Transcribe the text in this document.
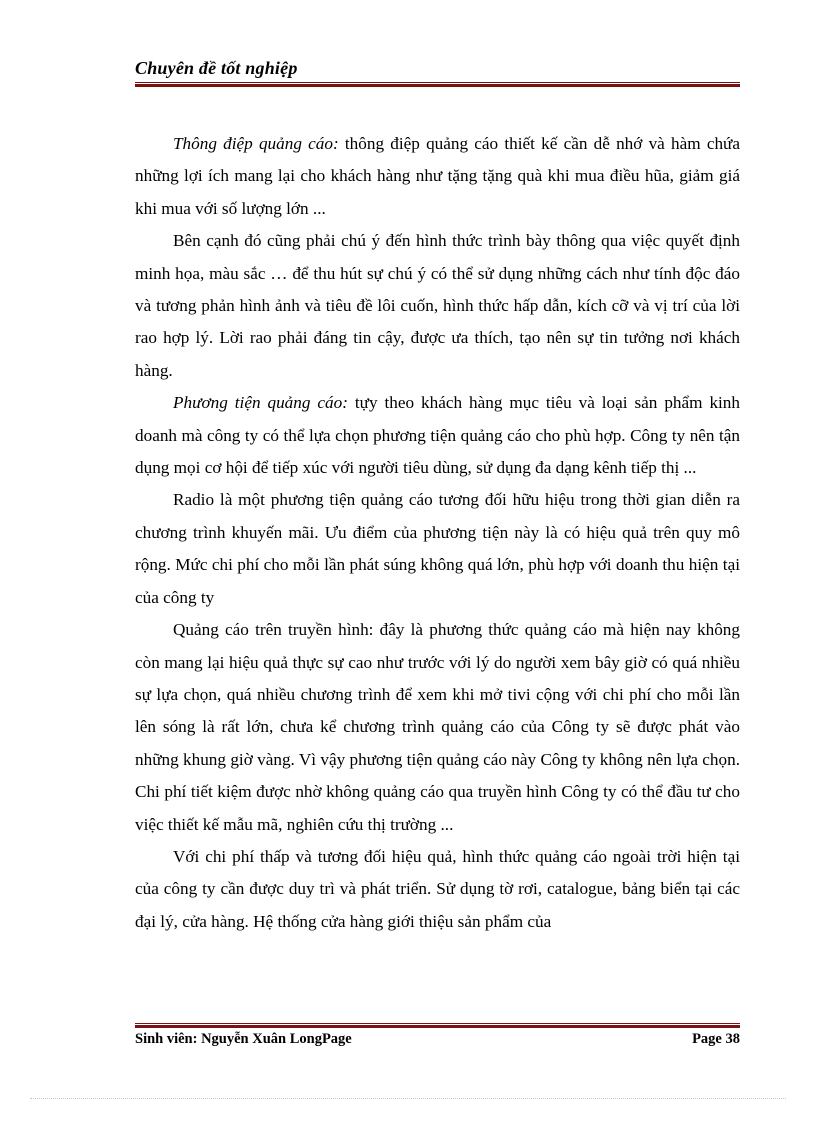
Chuyên đề tốt nghiệp

Thông điệp quảng cáo: thông điệp quảng cáo thiết kế cần dễ nhớ và hàm chứa những lợi ích mang lại cho khách hàng như tặng tặng quà khi mua điều hũa, giảm giá khi mua với số lượng lớn ...

Bên cạnh đó cũng phải chú ý đến hình thức trình bày thông qua việc quyết định minh họa, màu sắc … để thu hút sự chú ý có thể sử dụng những cách như tính độc đáo và tương phản hình ảnh và tiêu đề lôi cuốn, hình thức hấp dẫn, kích cỡ và vị trí của lời rao hợp lý. Lời rao phải đáng tin cậy, được ưa thích, tạo nên sự tin tưởng nơi khách hàng.

Phương tiện quảng cáo: tựy theo khách hàng mục tiêu và loại sản phẩm kinh doanh mà công ty có thể lựa chọn phương tiện quảng cáo cho phù hợp. Công ty nên tận dụng mọi cơ hội để tiếp xúc với người tiêu dùng, sử dụng đa dạng kênh tiếp thị ...

Radio là một phương tiện quảng cáo tương đối hữu hiệu trong thời gian diễn ra chương trình khuyến mãi. Ưu điểm của phương tiện này là có hiệu quả trên quy mô rộng. Mức chi phí cho mỗi lần phát súng không quá lớn, phù hợp với doanh thu hiện tại của công ty

Quảng cáo trên truyền hình: đây là phương thức quảng cáo mà hiện nay không còn mang lại hiệu quả thực sự cao như trước với lý do người xem bây giờ có quá nhiều sự lựa chọn, quá nhiều chương trình để xem khi mở tivi cộng với chi phí cho mỗi lần lên sóng là rất lớn, chưa kể chương trình quảng cáo của Công ty sẽ được phát vào những khung giờ vàng. Vì vậy phương tiện quảng cáo này Công ty không nên lựa chọn. Chi phí tiết kiệm được nhờ không quảng cáo qua truyền hình Công ty có thể đầu tư cho việc thiết kế mẫu mã, nghiên cứu thị trường ...

Với chi phí thấp và tương đối hiệu quả, hình thức quảng cáo ngoài trời hiện tại của công ty cần được duy trì và phát triển. Sử dụng tờ rơi, catalogue, bảng biển tại các đại lý, cửa hàng. Hệ thống cửa hàng giới thiệu sản phẩm của

Sinh viên: Nguyễn Xuân LongPage	Page 38
